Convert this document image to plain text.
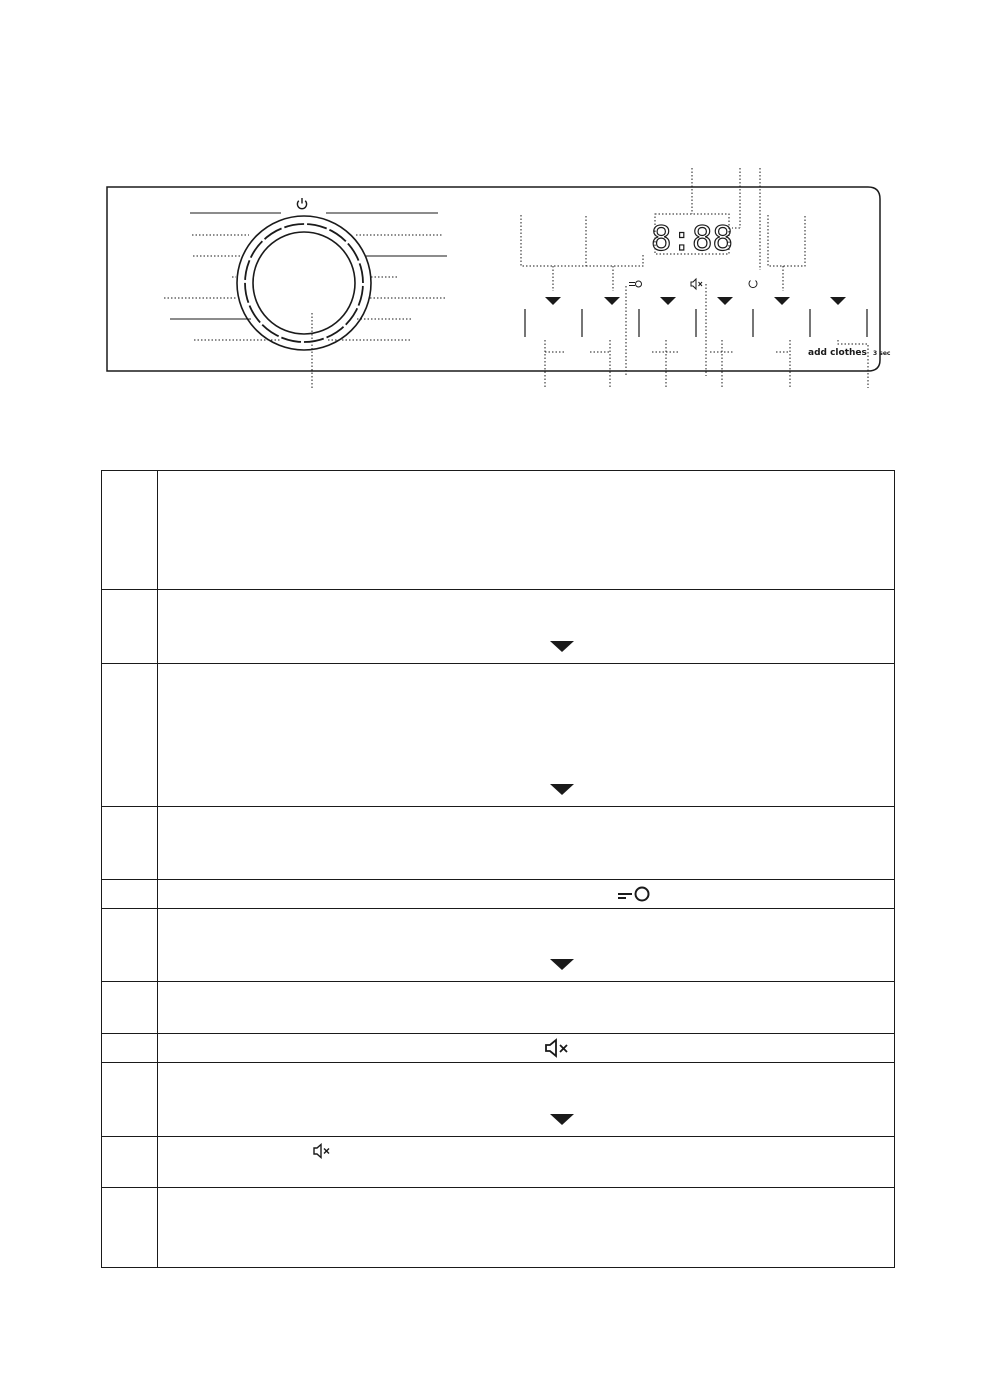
8:88
add clothes 3 sec
